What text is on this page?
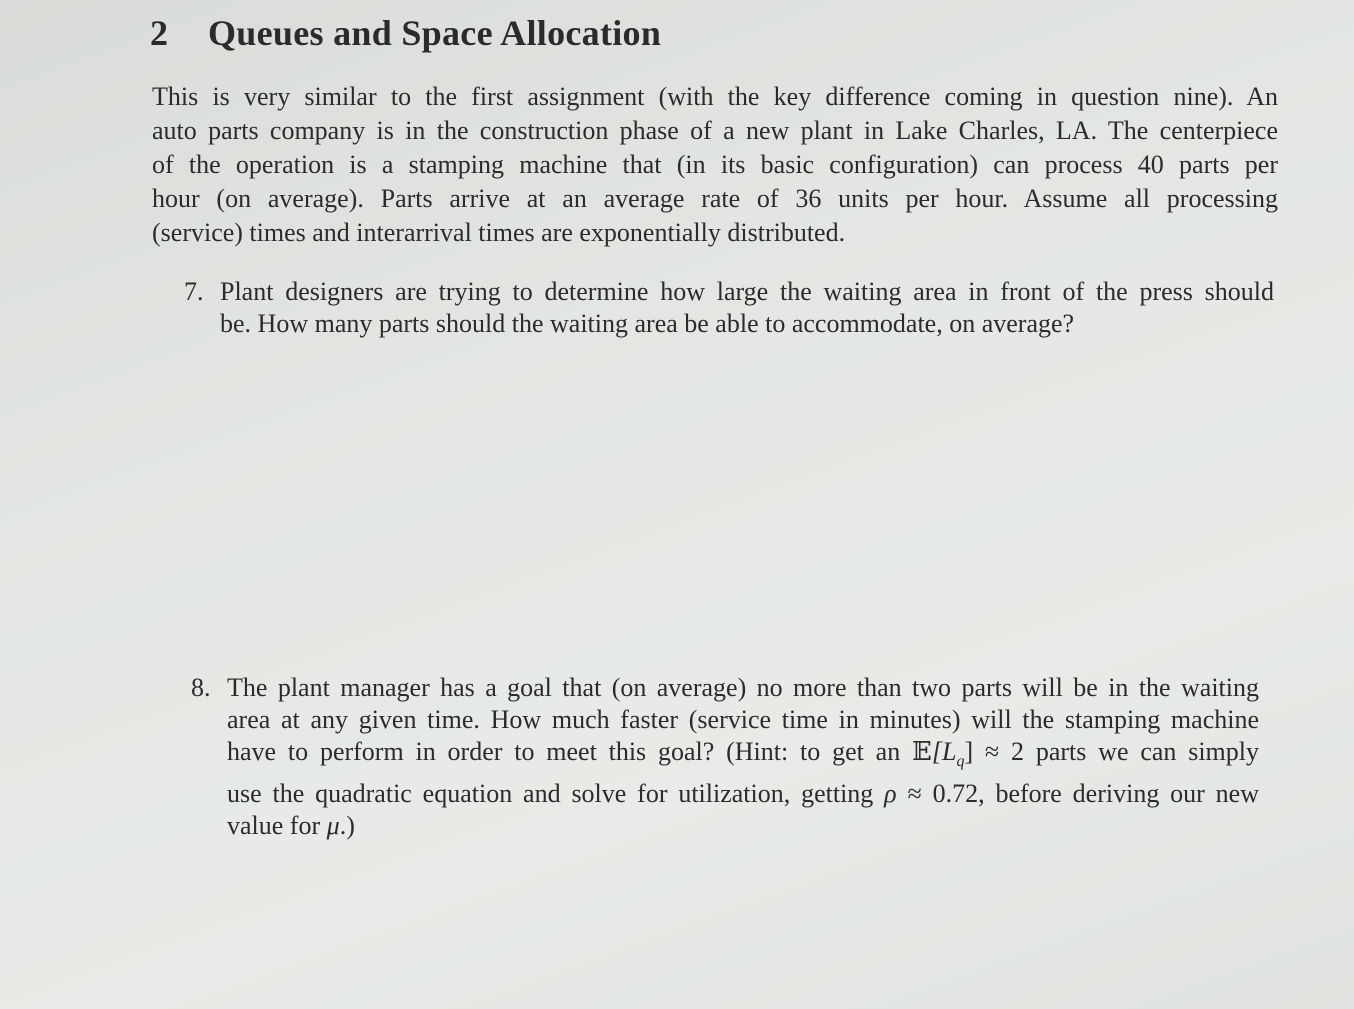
2 Queues and Space Allocation
This is very similar to the first assignment (with the key difference coming in question nine). An
auto parts company is in the construction phase of a new plant in Lake Charles, LA. The centerpiece
of the operation is a stamping machine that (in its basic configuration) can process 40 parts per
hour (on average). Parts arrive at an average rate of 36 units per hour. Assume all processing
(service) times and interarrival times are exponentially distributed.
7. Plant designers are trying to determine how large the waiting area in front of the press should
be. How many parts should the waiting area be able to accommodate, on average?
8. The plant manager has a goal that (on average) no more than two parts will be in the waiting
area at any given time. How much faster (service time in minutes) will the stamping machine
have to perform in order to meet this goal? (Hint: to get an $𝔼[L_q] \approx 2$ parts we can simply
use the quadratic equation and solve for utilization, getting ρ ≈ 0.72, before deriving our new
value for μ.)
